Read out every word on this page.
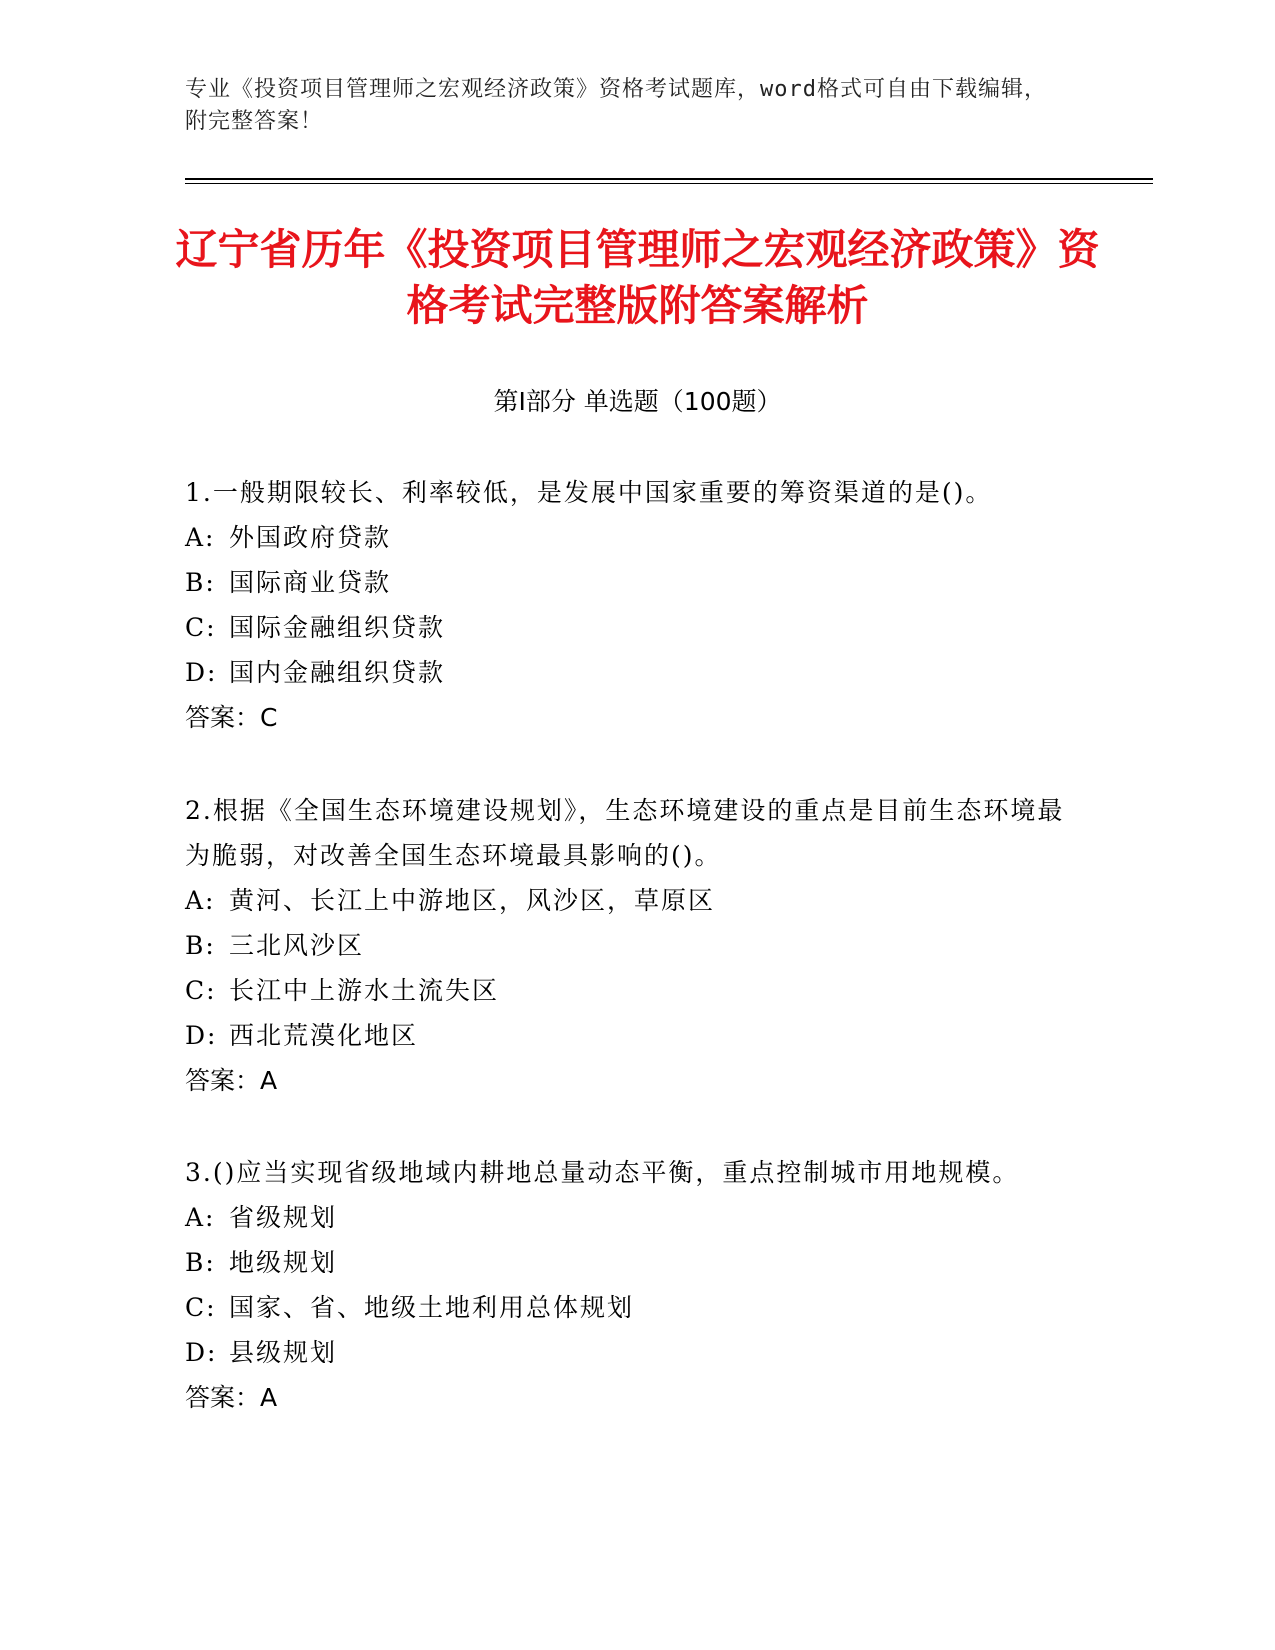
专业《投资项目管理师之宏观经济政策》资格考试题库，word格式可自由下载编辑，附完整答案！
辽宁省历年《投资项目管理师之宏观经济政策》资格考试完整版附答案解析
第Ⅰ部分 单选题（100题）

1.一般期限较长、利率较低，是发展中国家重要的筹资渠道的是()。

A: 外国政府贷款

B: 国际商业贷款

C: 国际金融组织贷款

D: 国内金融组织贷款

答案：C

2.根据《全国生态环境建设规划》，生态环境建设的重点是目前生态环境最为脆弱，对改善全国生态环境最具影响的()。

A: 黄河、长江上中游地区，风沙区，草原区

B: 三北风沙区

C: 长江中上游水土流失区

D: 西北荒漠化地区

答案：A

3.()应当实现省级地域内耕地总量动态平衡，重点控制城市用地规模。

A: 省级规划

B: 地级规划

C: 国家、省、地级土地利用总体规划

D: 县级规划

答案：A
